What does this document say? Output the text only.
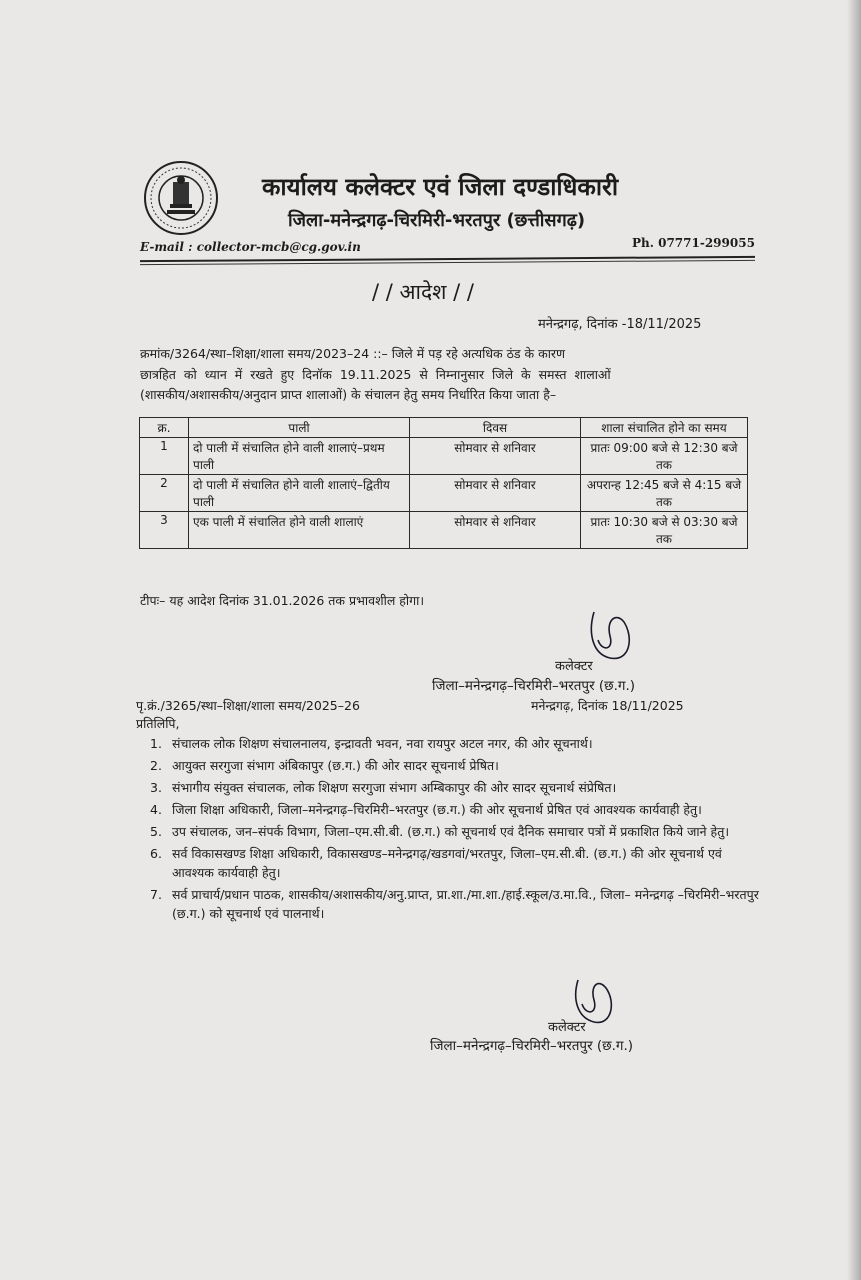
कार्यालय कलेक्टर एवं जिला दण्डाधिकारी
जिला-मनेन्द्रगढ़-चिरमिरी-भरतपुर (छत्तीसगढ़)
E-mail : collector-mcb@cg.gov.in	Ph. 07771-299055
/ / आदेश / /
मनेन्द्रगढ़, दिनांक -18/11/2025
क्रमांक/3264/स्था–शिक्षा/शाला समय/2023–24 ::– जिले में पड़ रहे अत्यधिक ठंड के कारण
छात्रहित को ध्यान में रखते हुए दिनॉक 19.11.2025 से निम्नानुसार जिले के समस्त शालाओं
(शासकीय/अशासकीय/अनुदान प्राप्त शालाओं) के संचालन हेतु समय निर्धारित किया जाता है–
क्र.	पाली	दिवस	शाला संचालित होने का समय
1	दो पाली में संचालित होने वाली शालाएं–प्रथम पाली	सोमवार से शनिवार	प्रातः 09:00 बजे से 12:30 बजे तक
2	दो पाली में संचालित होने वाली शालाएं–द्वितीय पाली	सोमवार से शनिवार	अपरान्ह 12:45 बजे से 4:15 बजे तक
3	एक पाली में संचालित होने वाली शालाएं	सोमवार से शनिवार	प्रातः 10:30 बजे से 03:30 बजे तक
टीपः– यह आदेश दिनांक 31.01.2026 तक प्रभावशील होगा।
कलेक्टर
जिला–मनेन्द्रगढ़–चिरमिरी–भरतपुर (छ.ग.)
पृ.क्रं./3265/स्था–शिक्षा/शाला समय/2025–26	मनेन्द्रगढ़, दिनांक 18/11/2025
प्रतिलिपि,
1. संचालक लोक शिक्षण संचालनालय, इन्द्रावती भवन, नवा रायपुर अटल नगर, की ओर सूचनार्थ।
2. आयुक्त सरगुजा संभाग अंबिकापुर (छ.ग.) की ओर सादर सूचनार्थ प्रेषित।
3. संभागीय संयुक्त संचालक, लोक शिक्षण सरगुजा संभाग अम्बिकापुर की ओर सादर सूचनार्थ संप्रेषित।
4. जिला शिक्षा अधिकारी, जिला–मनेन्द्रगढ़–चिरमिरी–भरतपुर (छ.ग.) की ओर सूचनार्थ प्रेषित एवं आवश्यक कार्यवाही हेतु।
5. उप संचालक, जन–संपर्क विभाग, जिला–एम.सी.बी. (छ.ग.) को सूचनार्थ एवं दैनिक समाचार पत्रों में प्रकाशित किये जाने हेतु।
6. सर्व विकासखण्ड शिक्षा अधिकारी, विकासखण्ड–मनेन्द्रगढ़/खडगवां/भरतपुर, जिला–एम.सी.बी. (छ.ग.) की ओर सूचनार्थ एवं आवश्यक कार्यवाही हेतु।
7. सर्व प्राचार्य/प्रधान पाठक, शासकीय/अशासकीय/अनु.प्राप्त, प्रा.शा./मा.शा./हाई.स्कूल/उ.मा.वि., जिला– मनेन्द्रगढ़ –चिरमिरी–भरतपुर (छ.ग.) को सूचनार्थ एवं पालनार्थ।
कलेक्टर
जिला–मनेन्द्रगढ़–चिरमिरी–भरतपुर (छ.ग.)
